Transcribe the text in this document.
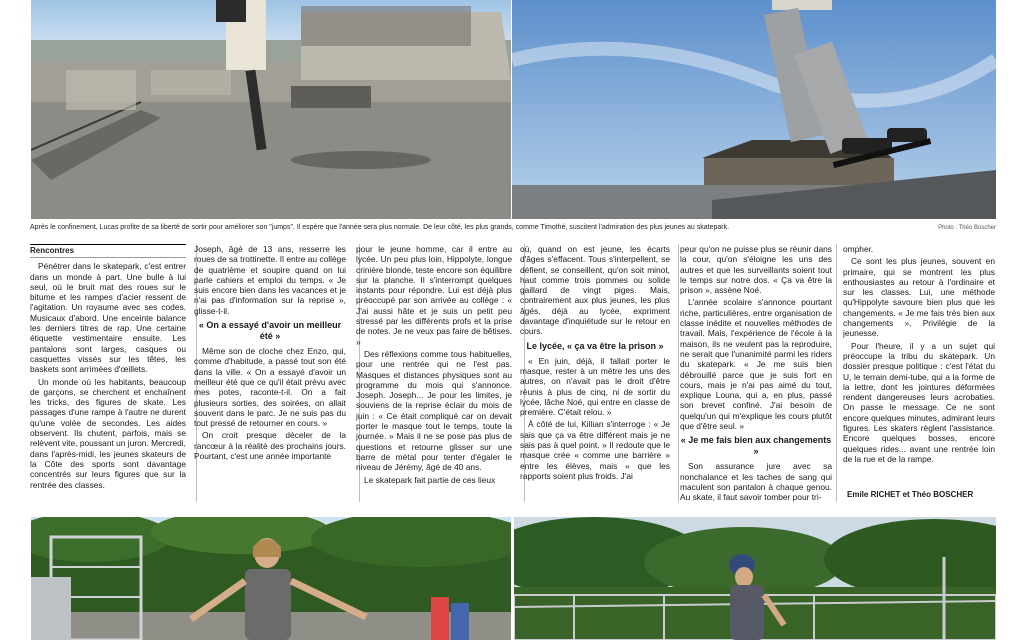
Après le confinement, Lucas profite de sa liberté de sortir pour améliorer son "jumps". Il espère que l'année sera plus normale. De leur côté, les plus grands, comme Timothé, suscitent l'admiration des plus jeunes au skatepark.	Photo : Théo Boscher
Rencontres

Pénétrer dans le skatepark, c'est entrer dans un monde à part. Une bulle à lui seul, où le bruit mat des roues sur le bitume et les rampes d'acier ressent de l'agitation. Un royaume avec ses codes. Musicaux d'abord. Une enceinte balance les derniers titres de rap. Une certaine étiquette vestimentaire ensuite. Les pantalons sont larges, casques ou casquettes vissés sur les têtes, les baskets sont arrimées d'œillets.

Un monde où les habitants, beaucoup de garçons, se cherchent et enchaînent les tricks, des figures de skate. Les passages d'une rampe à l'autre ne durent qu'une volée de secondes. Les aides observent. Ils chutent, parfois, mais se relèvent vite, poussant un juron. Mercredi, dans l'après-midi, les jeunes skateurs de la Côte des sports sont davantage concentrés sur leurs figures que sur la rentrée des classes.

Joseph, âgé de 13 ans, resserre les roues de sa trottinette. Il entre au collège de quatrième et soupire quand on lui parle cahiers et emploi du temps. « Je suis encore bien dans les vacances et je n'ai pas d'information sur la reprise », glisse-t-il.

« On a essayé d'avoir un meilleur été »

Même son de cloche chez Enzo, qui, comme d'habitude, a passé tout son été dans la ville. « On a essayé d'avoir un meilleur été que ce qu'il était prévu avec mes potes, raconte-t-il. On a fait plusieurs sorties, des soirées, on allait souvent dans le parc. Je ne suis pas du tout pressé de retourner en cours. »

On croit presque déceler de la rancœur à la réalité des prochains jours. Pourtant, c'est une année importante

pour le jeune homme, car il entre au lycée. Un peu plus loin, Hippolyte, longue crinière blonde, teste encore son équilibre sur la planche. Il s'interrompt quelques instants pour répondre. Lui est déjà plus préoccupé par son arrivée au collège : « J'ai aussi hâte et je suis un petit peu stressé par les différents profs et la prise de notes. Je ne veux pas faire de bêtises. »

Des réflexions comme tous habituelles, pour une rentrée qui ne l'est pas. Masques et distances physiques sont au programme du mois qui s'annonce. Joseph. Joseph... Je pour les limites, je souviens de la reprise éclair du mois de juin : « Ce était compliqué car on devait porter le masque tout le temps, toute la journée. » Mais il ne se pose pas plus de questions et retourne glisser sur une barre de métal pour tenter d'égaler le niveau de Jérémy, âgé de 40 ans.

Le skatepark fait partie de ces lieux

où, quand on est jeune, les écarts d'âges s'effacent. Tous s'interpellent, se défient, se conseillent, qu'on soit minot, haut comme trois pommes ou solide gaillard de vingt piges. Mais, contrairement aux plus jeunes, les plus âgés, déjà au lycée, expriment davantage d'inquiétude sur le retour en cours.

Le lycée, « ça va être la prison »

« En juin, déjà, il fallait porter le masque, rester à un mètre les uns des autres, on n'avait pas le droit d'être réunis à plus de cinq, ni de sortir du lycée, lâche Noé, qui entre en classe de première. C'était relou. »

À côté de lui, Killian s'interroge : « Je sais que ça va être différent mais je ne sais pas à quel point. » Il redoute que le masque crée « comme une barrière » entre les élèves, mais « que les rapports soient plus froids. J'ai

peur qu'on ne puisse plus se réunir dans la cour, qu'on s'éloigne les uns des autres et que les surveillants soient tout le temps sur notre dos. « Ça va être la prison », assène Noé.

L'année scolaire s'annonce pourtant riche, particulières, entre organisation de classe inédite et nouvelles méthodes de travail. Mais, l'expérience de l'école à la maison, ils ne veulent pas la reproduire, ne serait que l'unanimité parmi les riders du skatepark. « Je me suis bien débrouillé parce que je suis fort en cours, mais je n'ai pas aimé du tout, explique Louna, qui a, en plus, passé son brevet confiné. J'ai besoin de quelqu'un qui m'explique les cours plutôt que d'être seul. »

« Je me fais bien aux changements »

Son assurance jure avec sa nonchalance et les taches de sang qui maculent son pantalon à chaque genou. Au skate, il faut savoir tomber pour tri-

ompher.

Ce sont les plus jeunes, souvent en primaire, qui se montrent les plus enthousiastes au retour à l'ordinaire et sur les classes. Lui, une méthode qu'Hippolyte savoure bien plus que les changements. « Je me fais très bien aux changements », Privilégie de la jeunesse.

Pour l'heure, il y a un sujet qui préoccupe la tribu du skatepark. Un dossier presque politique : c'est l'état du U, le terrain demi-tube, qui a la forme de la lettre, dont les jointures déformées rendent dangereuses leurs acrobaties. On passe le message. Ce ne sont encore quelques minutes, admirant leurs figures. Les skaters règlent l'assistance. Encore quelques bosses, encore quelques rides... avant une rentrée loin de la rue et de la rampe.

Emile RICHET et Théo BOSCHER
